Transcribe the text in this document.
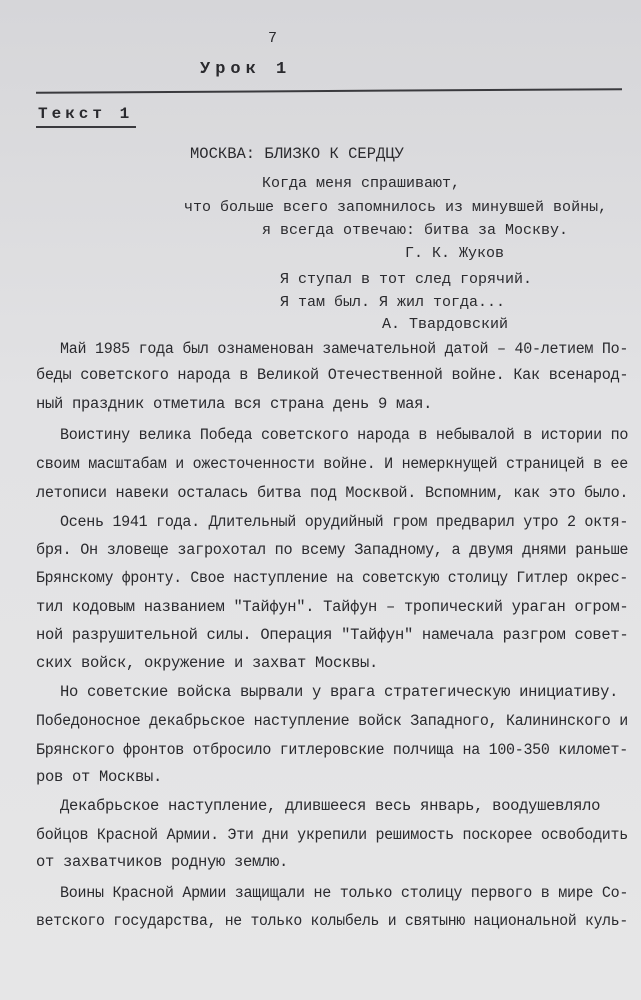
7
Урок 1
Текст 1
МОСКВА: БЛИЗКО К СЕРДЦУ
Когда меня спрашивают,
что больше всего запомнилось из минувшей войны,
я всегда отвечаю: битва за Москву.
Г. К. Жуков
Я ступал в тот след горячий.
Я там был. Я жил тогда...
А. Твардовский
Май 1985 года был ознаменован замечательной датой – 40-летием По-
беды советского народа в Великой Отечественной войне. Как всенарод-
ный праздник отметила вся страна день 9 мая.
Воистину велика Победа советского народа в небывалой в истории по
своим масштабам и ожесточенности войне. И немеркнущей страницей в ее
летописи навеки осталась битва под Москвой. Вспомним, как это было.
Осень 1941 года. Длительный орудийный гром предварил утро 2 октя-
бря. Он зловеще загрохотал по всему Западному, а двумя днями раньше
Брянскому фронту. Свое наступление на советскую столицу Гитлер окрес-
тил кодовым названием "Тайфун". Тайфун – тропический ураган огром-
ной разрушительной силы. Операция "Тайфун" намечала разгром совет-
ских войск, окружение и захват Москвы.
Но советские войска вырвали у врага стратегическую инициативу.
Победоносное декабрьское наступление войск Западного, Калининского и
Брянского фронтов отбросило гитлеровские полчища на 100-350 километ-
ров от Москвы.
Декабрьское наступление, длившееся весь январь, воодушевляло
бойцов Красной Армии. Эти дни укрепили решимость поскорее освободить
от захватчиков родную землю.
Воины Красной Армии защищали не только столицу первого в мире Со-
ветского государства, не только колыбель и святыню национальной куль-
